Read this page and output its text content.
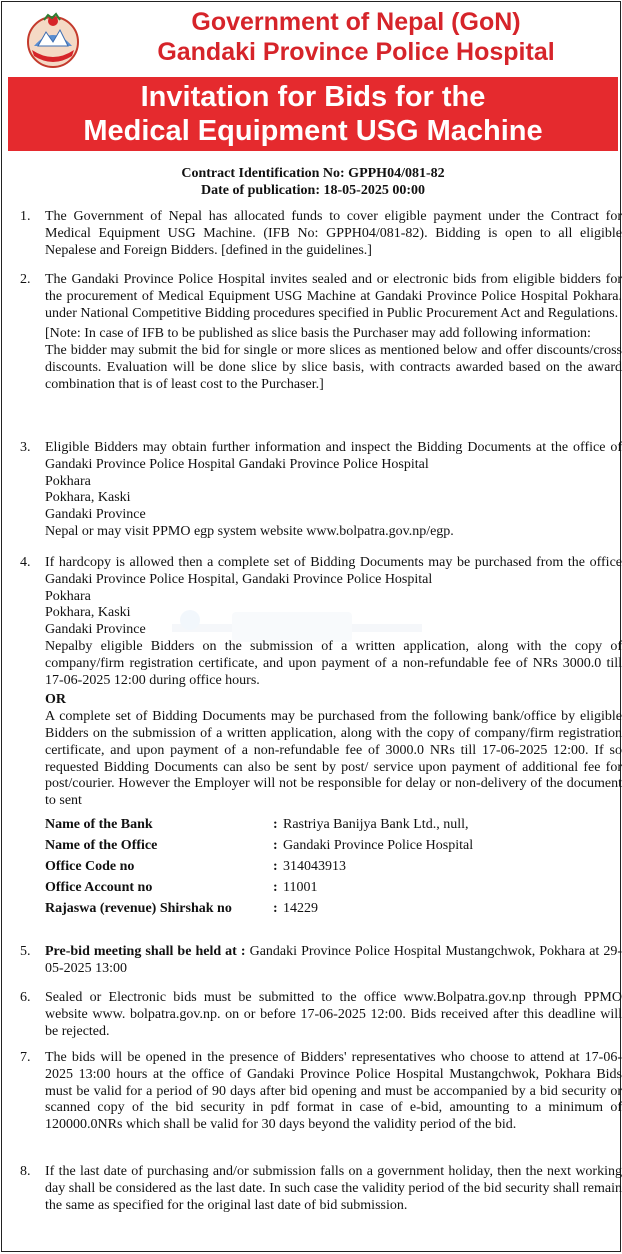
Government of Nepal (GoN)
Gandaki Province Police Hospital
Invitation for Bids for the
Medical Equipment USG Machine
Contract Identification No: GPPH04/081-82
Date of publication: 18-05-2025 00:00
1.	The Government of Nepal has allocated funds to cover eligible payment under the Contract for Medical Equipment USG Machine. (IFB No: GPPH04/081-82). Bidding is open to all eligible Nepalese and Foreign Bidders. [defined in the guidelines.]

2.	The Gandaki Province Police Hospital invites sealed and or electronic bids from eligible bidders for the procurement of Medical Equipment USG Machine at Gandaki Province Police Hospital Pokhara. under National Competitive Bidding procedures specified in Public Procurement Act and Regulations.

[Note: In case of IFB to be published as slice basis the Purchaser may add following information:

The bidder may submit the bid for single or more slices as mentioned below and offer discounts/cross discounts. Evaluation will be done slice by slice basis, with contracts awarded based on the award combination that is of least cost to the Purchaser.]

3.	Eligible Bidders may obtain further information and inspect the Bidding Documents at the office of Gandaki Province Police Hospital Gandaki Province Police Hospital

Pokhara

Pokhara, Kaski

Gandaki Province

Nepal or may visit PPMO egp system website www.bolpatra.gov.np/egp.

4.	If hardcopy is allowed then a complete set of Bidding Documents may be purchased from the office Gandaki Province Police Hospital, Gandaki Province Police Hospital

Pokhara

Pokhara, Kaski

Gandaki Province

Nepalby eligible Bidders on the submission of a written application, along with the copy of company/firm registration certificate, and upon payment of a non-refundable fee of NRs 3000.0 till 17-06-2025 12:00 during office hours.

OR

A complete set of Bidding Documents may be purchased from the following bank/office by eligible Bidders on the submission of a written application, along with the copy of company/firm registration certificate, and upon payment of a non-refundable fee of 3000.0 NRs till 17-06-2025 12:00. If so requested Bidding Documents can also be sent by post/ service upon payment of additional fee for post/courier. However the Employer will not be responsible for delay or non-delivery of the document to sent

Name of the Bank	: Rastriya Banijya Bank Ltd., null,
Name of the Office	: Gandaki Province Police Hospital
Office Code no	: 314043913
Office Account no	: 11001
Rajaswa (revenue) Shirshak no	: 14229
5.	Pre-bid meeting shall be held at : Gandaki Province Police Hospital Mustangchwok, Pokhara at 29-05-2025 13:00

6.	Sealed or Electronic bids must be submitted to the office www.Bolpatra.gov.np through PPMO website www. bolpatra.gov.np. on or before 17-06-2025 12:00. Bids received after this deadline will be rejected.

7.	The bids will be opened in the presence of Bidders' representatives who choose to attend at 17-06-2025 13:00 hours at the office of Gandaki Province Police Hospital Mustangchwok, Pokhara Bids must be valid for a period of 90 days after bid opening and must be accompanied by a bid security or scanned copy of the bid security in pdf format in case of e-bid, amounting to a minimum of 120000.0NRs which shall be valid for 30 days beyond the validity period of the bid.

8.	If the last date of purchasing and/or submission falls on a government holiday, then the next working day shall be considered as the last date. In such case the validity period of the bid security shall remain the same as specified for the original last date of bid submission.
